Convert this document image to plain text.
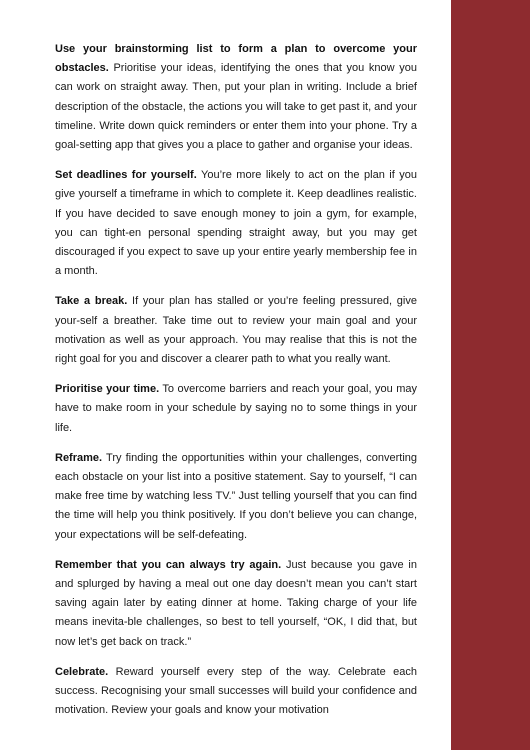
Use your brainstorming list to form a plan to overcome your obstacles. Prioritise your ideas, identifying the ones that you know you can work on straight away. Then, put your plan in writing. Include a brief description of the obstacle, the actions you will take to get past it, and your timeline. Write down quick reminders or enter them into your phone. Try a goal-setting app that gives you a place to gather and organise your ideas.

Set deadlines for yourself. You’re more likely to act on the plan if you give yourself a timeframe in which to complete it. Keep deadlines realistic. If you have decided to save enough money to join a gym, for example, you can tight-en personal spending straight away, but you may get discouraged if you expect to save up your entire yearly membership fee in a month.

Take a break. If your plan has stalled or you’re feeling pressured, give your-self a breather. Take time out to review your main goal and your motivation as well as your approach. You may realise that this is not the right goal for you and discover a clearer path to what you really want.

Prioritise your time. To overcome barriers and reach your goal, you may have to make room in your schedule by saying no to some things in your life.

Reframe. Try finding the opportunities within your challenges, converting each obstacle on your list into a positive statement. Say to yourself, “I can make free time by watching less TV.” Just telling yourself that you can find the time will help you think positively. If you don’t believe you can change, your expectations will be self-defeating.

Remember that you can always try again. Just because you gave in and splurged by having a meal out one day doesn’t mean you can’t start saving again later by eating dinner at home. Taking charge of your life means inevita-ble challenges, so best to tell yourself, “OK, I did that, but now let’s get back on track.”

Celebrate. Reward yourself every step of the way. Celebrate each success. Recognising your small successes will build your confidence and motivation. Review your goals and know your motivation
